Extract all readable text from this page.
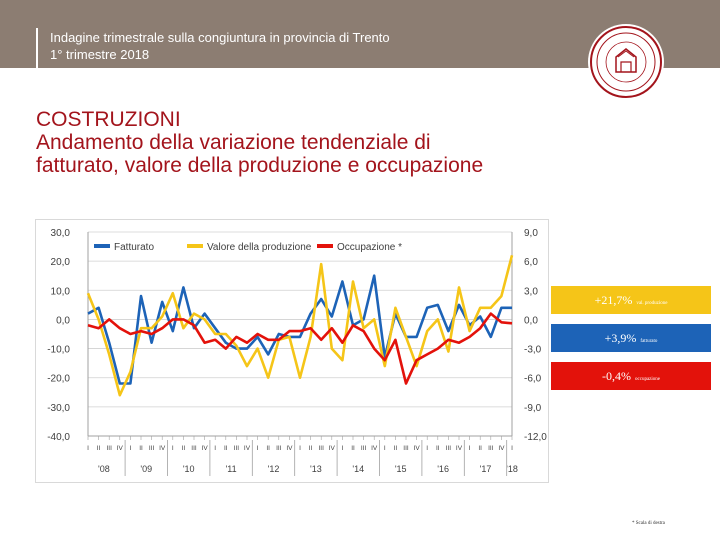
Indagine trimestrale sulla congiuntura in provincia di Trento
1° trimestre 2018
COSTRUZIONI
Andamento della variazione tendenziale di
fatturato, valore della produzione e occupazione
30,0	9,0
20,0	6,0
10,0	3,0
0,0	0,0
-10,0	-3,0
-20,0	-6,0
-30,0	-9,0
-40,0	-12,0
I II III IV I II III IV I II III IV I II III IV I II III IV I II III IV I II III IV I II III IV I II III IV I II III IV I
'08	'09	'10	'11	'12	'13	'14	'15	'16	'17 '18
Fatturato	Valore della produzione	Occupazione *
+21,7% val. produzione
+3,9% fatturato
-0,4% occupazione
* Scala di destra
